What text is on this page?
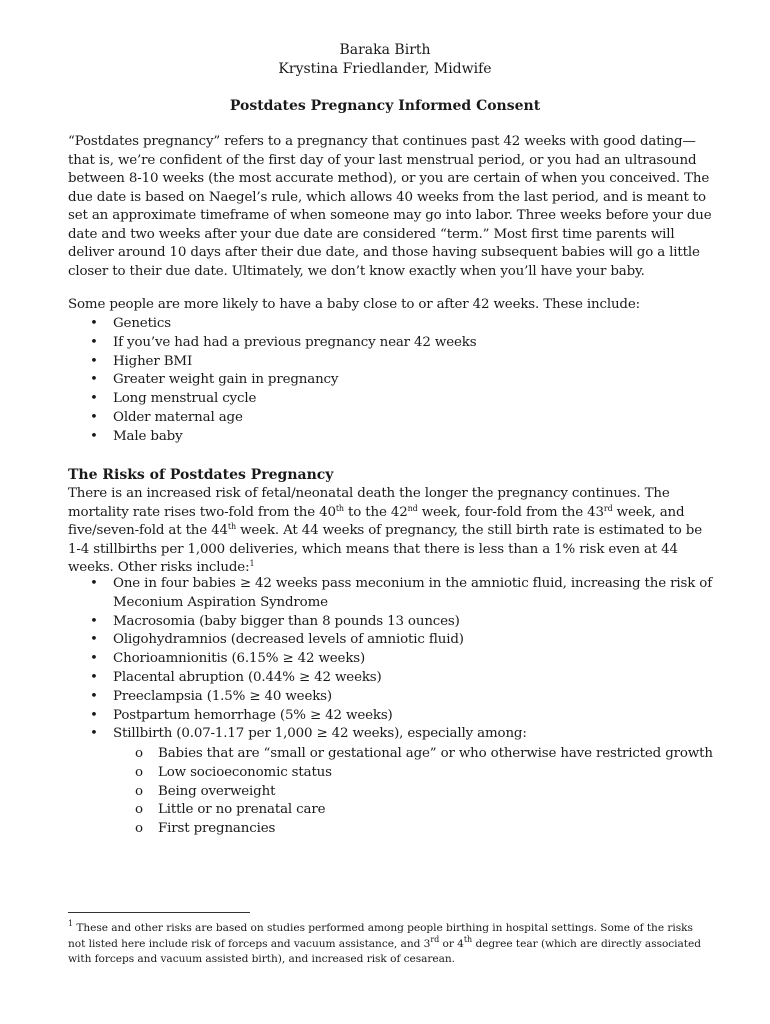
Baraka Birth
Krystina Friedlander, Midwife
Postdates Pregnancy Informed Consent

“Postdates pregnancy” refers to a pregnancy that continues past 42 weeks with good dating—that is, we’re confident of the first day of your last menstrual period, or you had an ultrasound between 8-10 weeks (the most accurate method), or you are certain of when you conceived. The due date is based on Naegel’s rule, which allows 40 weeks from the last period, and is meant to set an approximate timeframe of when someone may go into labor. Three weeks before your due date and two weeks after your due date are considered “term.” Most first time parents will deliver around 10 days after their due date, and those having subsequent babies will go a little closer to their due date. Ultimately, we don’t know exactly when you’ll have your baby.

Some people are more likely to have a baby close to or after 42 weeks. These include:

• Genetics
• If you’ve had had a previous pregnancy near 42 weeks
• Higher BMI
• Greater weight gain in pregnancy
• Long menstrual cycle
• Older maternal age
• Male baby
The Risks of Postdates Pregnancy

There is an increased risk of fetal/neonatal death the longer the pregnancy continues. The mortality rate rises two-fold from the 40th to the 42nd week, four-fold from the 43rd week, and five/seven-fold at the 44th week. At 44 weeks of pregnancy, the still birth rate is estimated to be 1-4 stillbirths per 1,000 deliveries, which means that there is less than a 1% risk even at 44 weeks. Other risks include:$^1$

• One in four babies ≥ 42 weeks pass meconium in the amniotic fluid, increasing the risk of Meconium Aspiration Syndrome
• Macrosomia (baby bigger than 8 pounds 13 ounces)
• Oligohydramnios (decreased levels of amniotic fluid)
• Chorioamnionitis (6.15% ≥ 42 weeks)
• Placental abruption (0.44% ≥ 42 weeks)
• Preeclampsia (1.5% ≥ 40 weeks)
• Postpartum hemorrhage (5% ≥ 42 weeks)
• Stillbirth (0.07-1.17 per 1,000 ≥ 42 weeks), especially among:
o Babies that are “small or gestational age” or who otherwise have restricted growth
o Low socioeconomic status
o Being overweight
o Little or no prenatal care
o First pregnancies

$^1$ These and other risks are based on studies performed among people birthing in hospital settings. Some of the risks not listed here include risk of forceps and vacuum assistance, and 3rd or 4th degree tear (which are directly associated with forceps and vacuum assisted birth), and increased risk of cesarean.
